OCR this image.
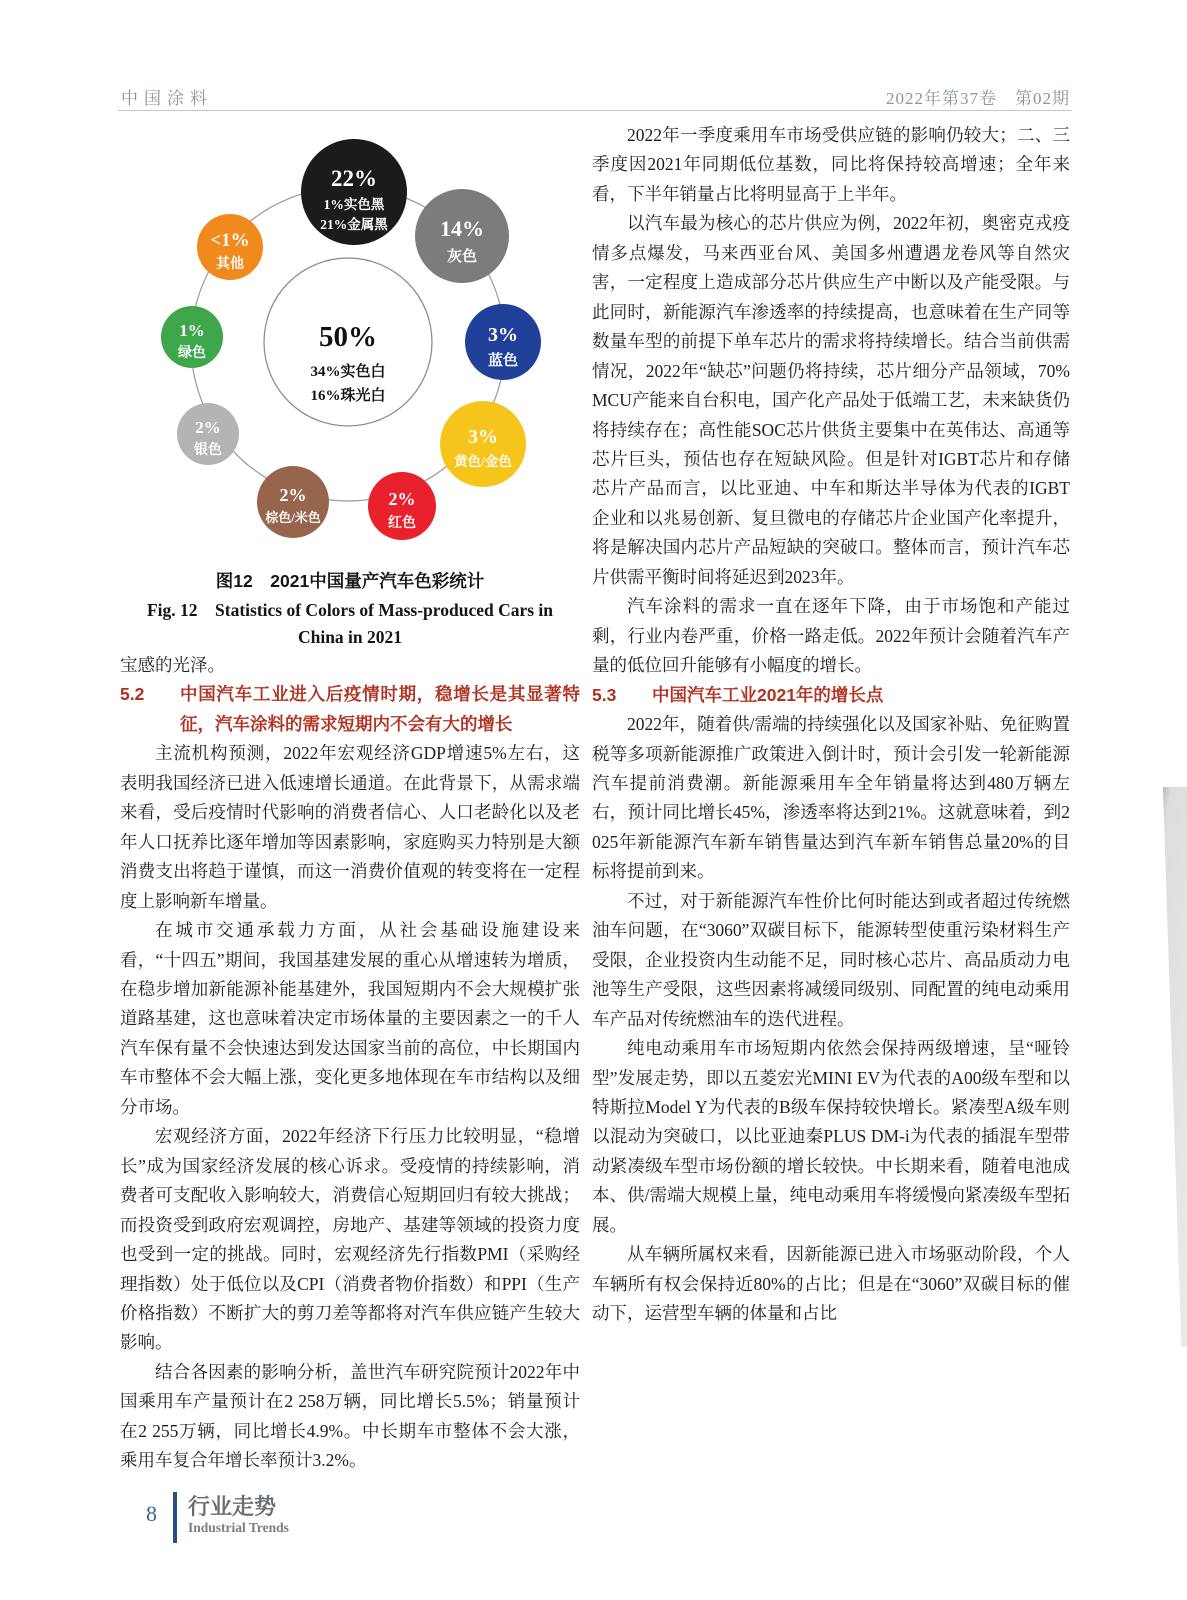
中国涂料	2022年第37卷　第02期
50%
34%实色白
16%珠光白
22%
1%实色黑
21%金属黑 14%
灰色
3%
蓝色
3%
黄色/金色
2%
红色
2%
棕色/米色
2%
银色
1%
绿色
<1%
其他
图12　2021中国量产汽车色彩统计
Fig. 12　Statistics of Colors of Mass-produced Cars in
China in 2021

宝感的光泽。

5.2	中国汽车工业进入后疫情时期，稳增长是其显著特征，汽车涂料的需求短期内不会有大的增长

主流机构预测，2022年宏观经济GDP增速5%左右，这表明我国经济已进入低速增长通道。在此背景下，从需求端来看，受后疫情时代影响的消费者信心、人口老龄化以及老年人口抚养比逐年增加等因素影响，家庭购买力特别是大额消费支出将趋于谨慎，而这一消费价值观的转变将在一定程度上影响新车增量。

在城市交通承载力方面，从社会基础设施建设来看，“十四五”期间，我国基建发展的重心从增速转为增质，在稳步增加新能源补能基建外，我国短期内不会大规模扩张道路基建，这也意味着决定市场体量的主要因素之一的千人汽车保有量不会快速达到发达国家当前的高位，中长期国内车市整体不会大幅上涨，变化更多地体现在车市结构以及细分市场。

宏观经济方面，2022年经济下行压力比较明显，“稳增长”成为国家经济发展的核心诉求。受疫情的持续影响，消费者可支配收入影响较大，消费信心短期回归有较大挑战；而投资受到政府宏观调控，房地产、基建等领域的投资力度也受到一定的挑战。同时，宏观经济先行指数PMI（采购经理指数）处于低位以及CPI（消费者物价指数）和PPI（生产价格指数）不断扩大的剪刀差等都将对汽车供应链产生较大影响。

结合各因素的影响分析，盖世汽车研究院预计2022年中国乘用车产量预计在2 258万辆，同比增长5.5%；销量预计在2 255万辆，同比增长4.9%。中长期车市整体不会大涨，乘用车复合年增长率预计3.2%。

2022年一季度乘用车市场受供应链的影响仍较大；二、三季度因2021年同期低位基数，同比将保持较高增速；全年来看，下半年销量占比将明显高于上半年。

以汽车最为核心的芯片供应为例，2022年初，奥密克戎疫情多点爆发，马来西亚台风、美国多州遭遇龙卷风等自然灾害，一定程度上造成部分芯片供应生产中断以及产能受限。与此同时，新能源汽车渗透率的持续提高，也意味着在生产同等数量车型的前提下单车芯片的需求将持续增长。结合当前供需情况，2022年“缺芯”问题仍将持续，芯片细分产品领域，70%MCU产能来自台积电，国产化产品处于低端工艺，未来缺货仍将持续存在；高性能SOC芯片供货主要集中在英伟达、高通等芯片巨头，预估也存在短缺风险。但是针对IGBT芯片和存储芯片产品而言，以比亚迪、中车和斯达半导体为代表的IGBT企业和以兆易创新、复旦微电的存储芯片企业国产化率提升，将是解决国内芯片产品短缺的突破口。整体而言，预计汽车芯片供需平衡时间将延迟到2023年。

汽车涂料的需求一直在逐年下降，由于市场饱和产能过剩，行业内卷严重，价格一路走低。2022年预计会随着汽车产量的低位回升能够有小幅度的增长。

5.3	中国汽车工业2021年的增长点

2022年，随着供/需端的持续强化以及国家补贴、免征购置税等多项新能源推广政策进入倒计时，预计会引发一轮新能源汽车提前消费潮。新能源乘用车全年销量将达到480万辆左右，预计同比增长45%，渗透率将达到21%。这就意味着，到2025年新能源汽车新车销售量达到汽车新车销售总量20%的目标将提前到来。

不过，对于新能源汽车性价比何时能达到或者超过传统燃油车问题，在“3060”双碳目标下，能源转型使重污染材料生产受限，企业投资内生动能不足，同时核心芯片、高品质动力电池等生产受限，这些因素将减缓同级别、同配置的纯电动乘用车产品对传统燃油车的迭代进程。

纯电动乘用车市场短期内依然会保持两级增速，呈“哑铃型”发展走势，即以五菱宏光MINI EV为代表的A00级车型和以特斯拉Model Y为代表的B级车保持较快增长。紧凑型A级车则以混动为突破口，以比亚迪秦PLUS DM-i为代表的插混车型带动紧凑级车型市场份额的增长较快。中长期来看，随着电池成本、供/需端大规模上量，纯电动乘用车将缓慢向紧凑级车型拓展。

从车辆所属权来看，因新能源已进入市场驱动阶段，个人车辆所有权会保持近80%的占比；但是在“3060”双碳目标的催动下，运营型车辆的体量和占比

8 行业走势
Industrial Trends
